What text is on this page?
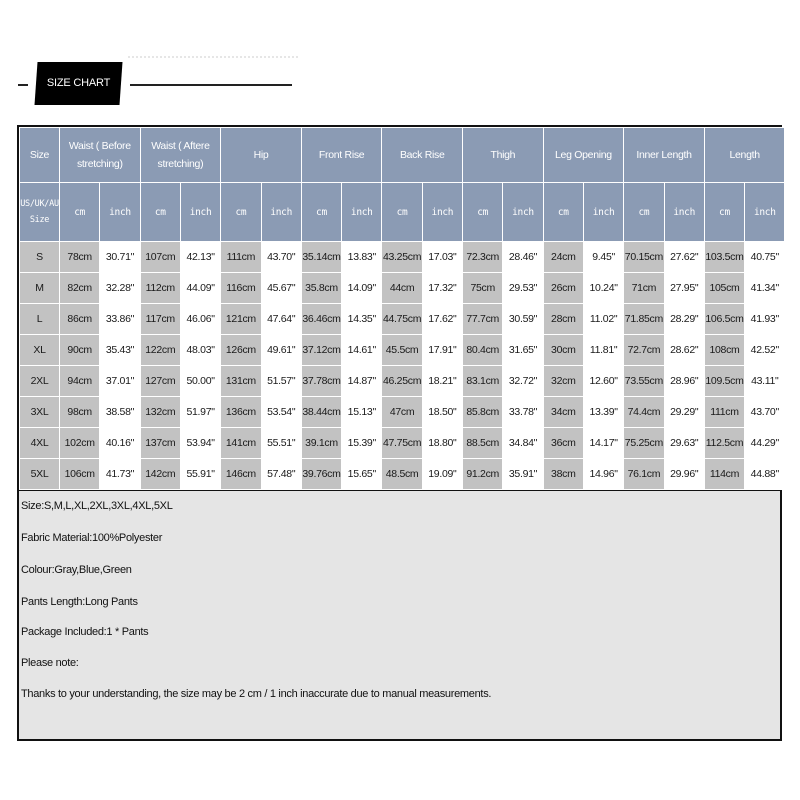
SIZE CHART
Size	Waist ( Before stretching)		Waist ( Aftere stretching)		Hip		Front Rise		Back Rise		Thigh		Leg Opening		Inner Length		Length	
US/UK/AU Size	cm	inch	cm	inch	cm	inch	cm	inch	cm	inch	cm	inch	cm	inch	cm	inch	cm	inch
S	78cm	30.71"	107cm	42.13"	111cm	43.70"	35.14cm	13.83"	43.25cm	17.03"	72.3cm	28.46"	24cm	9.45"	70.15cm	27.62"	103.5cm	40.75"
M	82cm	32.28"	112cm	44.09"	116cm	45.67"	35.8cm	14.09"	44cm	17.32"	75cm	29.53"	26cm	10.24"	71cm	27.95"	105cm	41.34"
L	86cm	33.86"	117cm	46.06"	121cm	47.64"	36.46cm	14.35"	44.75cm	17.62"	77.7cm	30.59"	28cm	11.02"	71.85cm	28.29"	106.5cm	41.93"
XL	90cm	35.43"	122cm	48.03"	126cm	49.61"	37.12cm	14.61"	45.5cm	17.91"	80.4cm	31.65"	30cm	11.81"	72.7cm	28.62"	108cm	42.52"
2XL	94cm	37.01"	127cm	50.00"	131cm	51.57"	37.78cm	14.87"	46.25cm	18.21"	83.1cm	32.72"	32cm	12.60"	73.55cm	28.96"	109.5cm	43.11"
3XL	98cm	38.58"	132cm	51.97"	136cm	53.54"	38.44cm	15.13"	47cm	18.50"	85.8cm	33.78"	34cm	13.39"	74.4cm	29.29"	111cm	43.70"
4XL	102cm	40.16"	137cm	53.94"	141cm	55.51"	39.1cm	15.39"	47.75cm	18.80"	88.5cm	34.84"	36cm	14.17"	75.25cm	29.63"	112.5cm	44.29"
5XL	106cm	41.73"	142cm	55.91"	146cm	57.48"	39.76cm	15.65"	48.5cm	19.09"	91.2cm	35.91"	38cm	14.96"	76.1cm	29.96"	114cm	44.88"
Size:S,M,L,XL,2XL,3XL,4XL,5XL
Fabric Material:100%Polyester
Colour:Gray,Blue,Green
Pants Length:Long Pants
Package Included:1 * Pants
Please note:
Thanks to your understanding, the size may be 2 cm / 1 inch inaccurate due to manual measurements.
